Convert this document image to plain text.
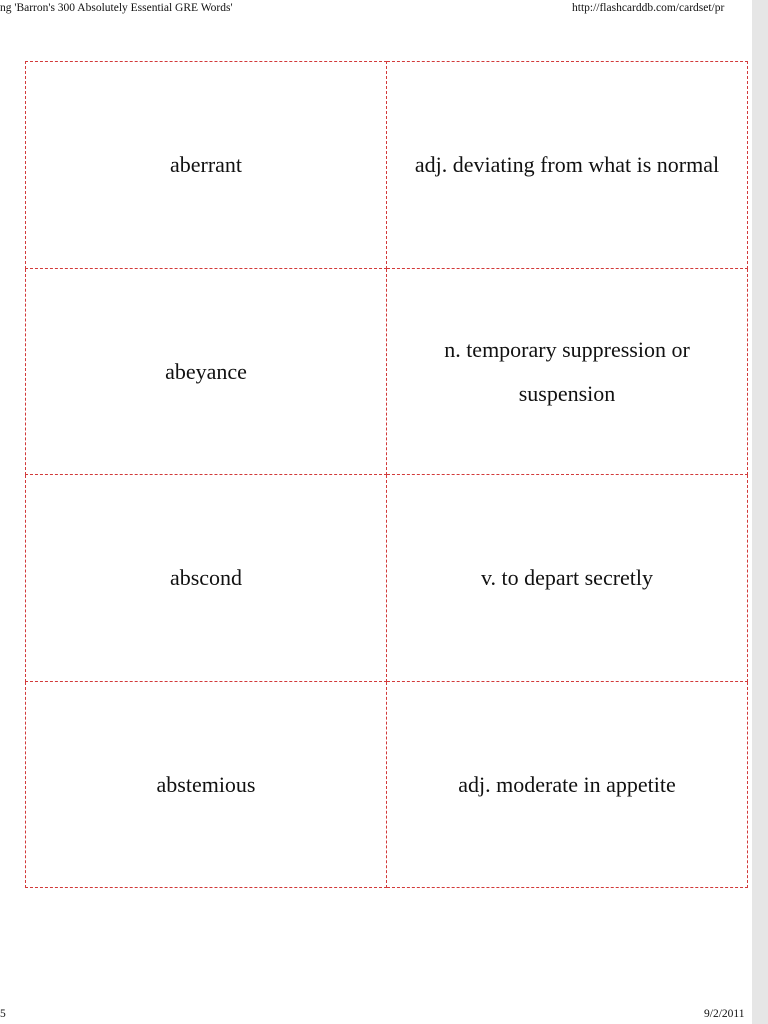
ng 'Barron's 300 Absolutely Essential GRE Words'	http://flashcarddb.com/cardset/pr
aberrant	adj. deviating from what is normal
abeyance	n. temporary suppression or suspension

abscond	v. to depart secretly
abstemious	adj. moderate in appetite
5	9/2/2011
